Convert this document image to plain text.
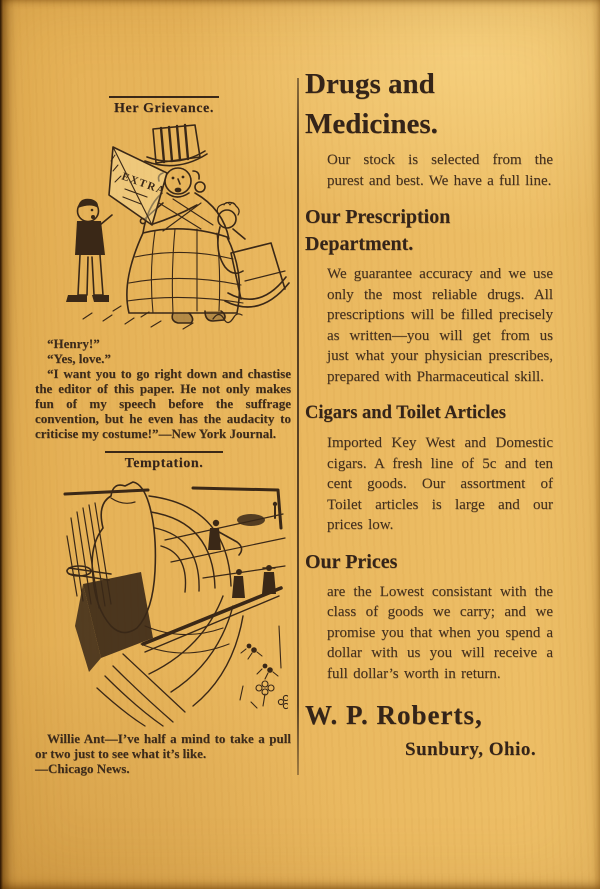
Her Grievance.

EXTRA

“Henry!”

“Yes, love.”

“I want you to go right down and chastise the editor of this paper. He not only makes fun of my speech before the suffrage convention, but he even has the audacity to criticise my costume!”—New York Journal.

Temptation.

Willie Ant—I’ve half a mind to take a pull or two just to see what it’s like.

—Chicago News.

Drugs and
Medicines.

Our stock is selected from the purest and best. We have a full line.

Our Prescription Department.

We guarantee accuracy and we use only the most reliable drugs. All prescriptions will be filled precisely as written—you will get from us just what your physician prescribes, prepared with Pharmaceutical skill.

Cigars and Toilet Articles

Imported Key West and Domestic cigars. A fresh line of 5c and ten cent goods. Our assortment of Toilet articles is large and our prices low.

Our Prices

are the Lowest consistant with the class of goods we carry; and we promise you that when you spend a dollar with us you will receive a full dollar’s worth in return.

W. P. Roberts,
Sunbury, Ohio.
